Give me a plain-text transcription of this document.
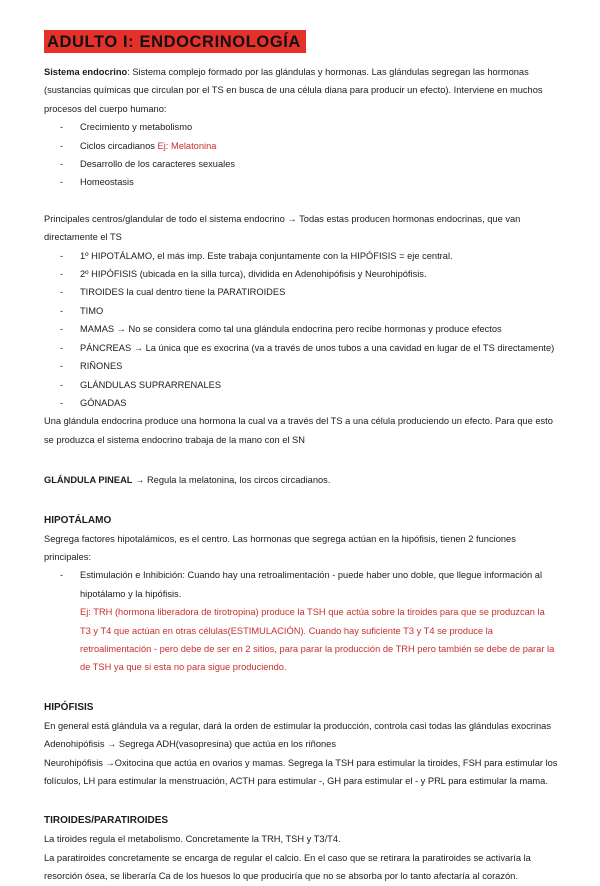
ADULTO I: ENDOCRINOLOGÍA

Sistema endocrino: Sistema complejo formado por las glándulas y hormonas. Las glándulas segregan las hormonas (sustancias químicas que circulan por el TS en busca de una célula diana para producir un efecto). Interviene en muchos procesos del cuerpo humano:

- Crecimiento y metabolismo
- Ciclos circadianos Ej: Melatonina
- Desarrollo de los caracteres sexuales
- Homeostasis

Principales centros/glandular de todo el sistema endocrino → Todas estas producen hormonas endocrinas, que van directamente el TS

- 1º HIPOTÁLAMO, el más imp. Este trabaja conjuntamente con la HIPÓFISIS = eje central.
- 2º HIPÓFISIS (ubicada en la silla turca), dividida en Adenohipófisis y Neurohipófisis.
- TIROIDES la cual dentro tiene la PARATIROIDES
- TIMO
- MAMAS → No se considera como tal una glándula endocrina pero recibe hormonas y produce efectos
- PÁNCREAS → La única que es exocrina (va a través de unos tubos a una cavidad en lugar de el TS directamente)
- RIÑONES
- GLÁNDULAS SUPRARRENALES
- GÓNADAS

Una glándula endocrina produce una hormona la cual va a través del TS a una célula produciendo un efecto. Para que esto se produzca el sistema endocrino trabaja de la mano con el SN

GLÁNDULA PINEAL → Regula la melatonina, los circos circadianos.

HIPOTÁLAMO

Segrega factores hipotalámicos, es el centro. Las hormonas que segrega actúan en la hipófisis, tienen 2 funciones principales:

- Estimulación e Inhibición: Cuando hay una retroalimentación - puede haber uno doble, que llegue información al hipotálamo y la hipófisis.

Ej: TRH (hormona liberadora de tirotropina) produce la TSH que actúa sobre la tiroides para que se produzcan la T3 y T4 que actúan en otras células(ESTIMULACIÓN). Cuando hay suficiente T3 y T4 se produce la retroalimentación - pero debe de ser en 2 sitios, para parar la producción de TRH pero también se debe de parar la de TSH ya que si esta no para sigue produciendo.

HIPÓFISIS

En general está glándula va a regular, dará la orden de estimular la producción, controla casi todas las glándulas exocrinas

Adenohipófisis → Segrega ADH(vasopresina) que actúa en los riñones

Neurohipófisis →Oxitocina que actúa en ovarios y mamas. Segrega la TSH para estimular la tiroides, FSH para estimular los folículos, LH para estimular la menstruación, ACTH para estimular -, GH para estimular el - y PRL para estimular la mama.

TIROIDES/PARATIROIDES

La tiroides regula el metabolismo. Concretamente la TRH, TSH y T3/T4.

La paratiroides concretamente se encarga de regular el calcio. En el caso que se retirara la paratiroides se activaría la resorción ósea, se liberaría Ca de los huesos lo que produciría que no se absorba por lo tanto afectaría al corazón.
